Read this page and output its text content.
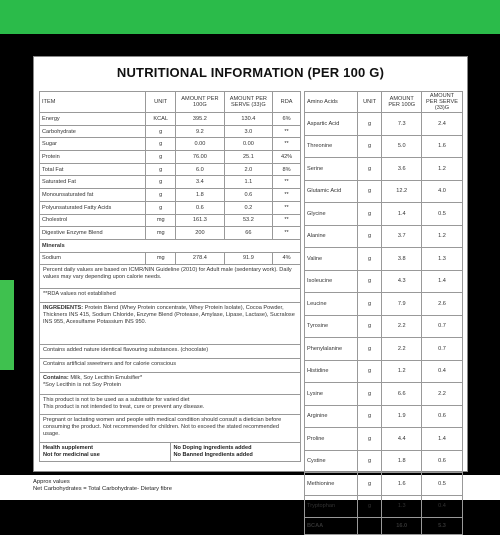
NUTRITIONAL INFORMATION (PER 100 G)
ITEM	UNIT	AMOUNT PER 100G	AMOUNT PER SERVE (33)G	RDA
Energy	KCAL	395.2	130.4	6%
Carbohydrate	g	9.2	3.0	**
Sugar	g	0.00	0.00	**
Protein	g	76.00	25.1	42%
Total Fat	g	6.0	2.0	8%
Saturated Fat	g	3.4	1.1	**
Monounsaturated fat	g	1.8	0.6	**
Polyunsaturated Fatty Acids	g	0.6	0.2	**
Cholestrol	mg	161.3	53.2	**
Digestive Enzyme Blend	mg	200	66	**
Minerals				
Sodium	mg	278.4	91.9	4%
Percent daily values are based on ICMR/NIN Guideline (2010) for Adult male (sedentary work). Daily values may vary depending upon calorie needs.
**RDA values not established
INGREDIENTS: Protein Blend (Whey Protein concentrate, Whey Protein Isolate), Cocoa Powder, Thickners INS 415, Sodium Chloride, Enzyme Blend (Protease, Amylase, Lipase, Lactase), Sucralose INS 955, Acesulfame Potassium INS 950.
Contains added nature identical flavouring substances. (chocolate)
Contains artificial sweetners and for calorie conscious
Contains: Milk, Soy Lecithin Emulsifier*
*Soy Lecithin is not Soy Protein
This product is not to be used as a substitute for varied diet
This product is not intended to treat, cure or prevent any disease.
Pregnant or lactating women and people with medical condition should consult a dietician before consuming the product. Not recommended for children. Not to exceed the stated recommended usage.
Health supplement
Not for medicinal use
No Doping ingredients added
No Banned Ingredients added
Amino Acids	UNIT	AMOUNT PER 100G	AMOUNT PER SERVE (33)G
Aspartic Acid	g	7.3	2.4
Threonine	g	5.0	1.6
Serine	g	3.6	1.2
Glutamic Acid	g	12.2	4.0
Glycine	g	1.4	0.5
Alanine	g	3.7	1.2
Valine	g	3.8	1.3
Isoleucine	g	4.3	1.4
Leucine	g	7.9	2.6
Tyrosine	g	2.2	0.7
Phenylalanine	g	2.2	0.7
Histidine	g	1.2	0.4
Lysine	g	6.6	2.2
Arginine	g	1.9	0.6
Proline	g	4.4	1.4
Cystine	g	1.8	0.6
Methionine	g	1.6	0.5
Tryptophan	g	1.3	0.4
BCAA		16.0	5.3
Approx values
Net Carbohydrates = Total Carbohydrate- Dietary fibre
